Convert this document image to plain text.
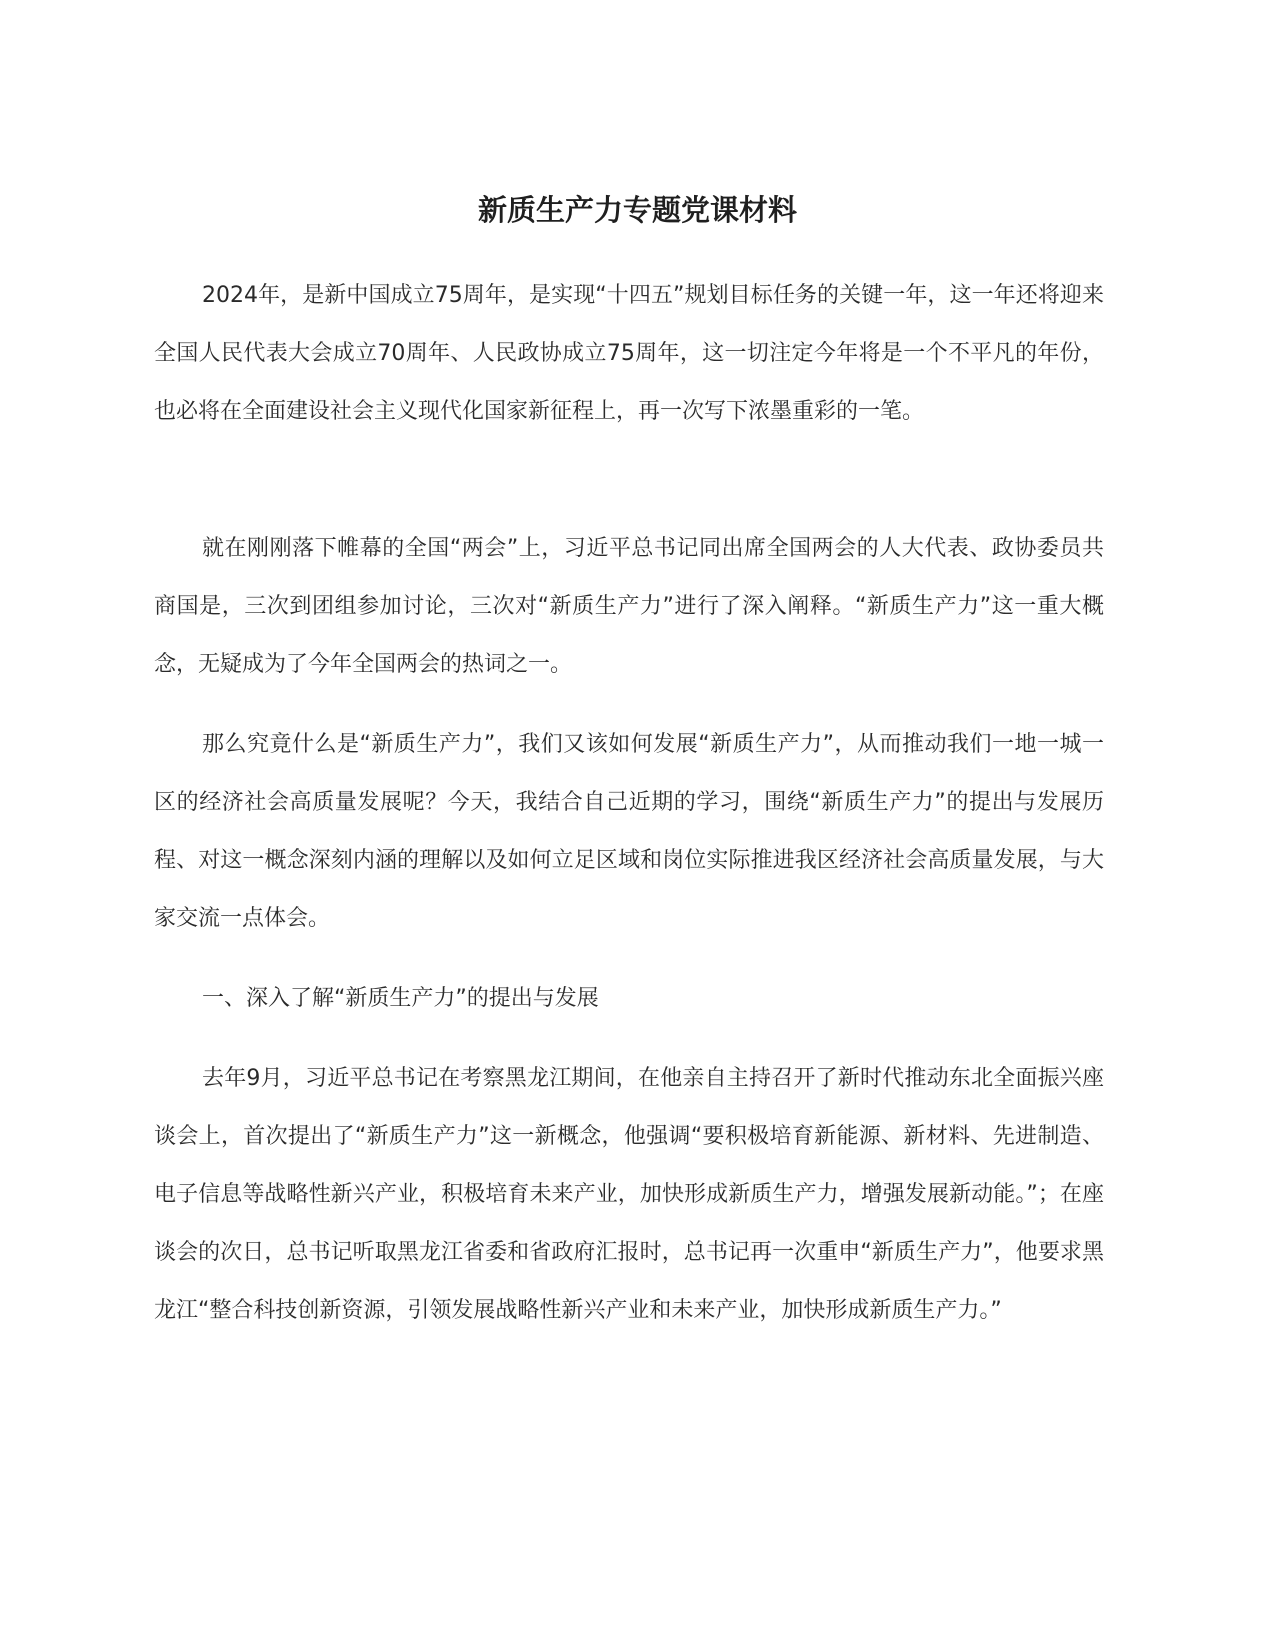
新质生产力专题党课材料

2024年，是新中国成立75周年，是实现“十四五”规划目标任务的关键一年，这一年还将迎来全国人民代表大会成立70周年、人民政协成立75周年，这一切注定今年将是一个不平凡的年份，也必将在全面建设社会主义现代化国家新征程上，再一次写下浓墨重彩的一笔。

就在刚刚落下帷幕的全国“两会”上，习近平总书记同出席全国两会的人大代表、政协委员共商国是，三次到团组参加讨论，三次对“新质生产力”进行了深入阐释。“新质生产力”这一重大概念，无疑成为了今年全国两会的热词之一。

那么究竟什么是“新质生产力”，我们又该如何发展“新质生产力”，从而推动我们一地一城一区的经济社会高质量发展呢？今天，我结合自己近期的学习，围绕“新质生产力”的提出与发展历程、对这一概念深刻内涵的理解以及如何立足区域和岗位实际推进我区经济社会高质量发展，与大家交流一点体会。

一、深入了解“新质生产力”的提出与发展

去年9月，习近平总书记在考察黑龙江期间，在他亲自主持召开了新时代推动东北全面振兴座谈会上，首次提出了“新质生产力”这一新概念，他强调“要积极培育新能源、新材料、先进制造、电子信息等战略性新兴产业，积极培育未来产业，加快形成新质生产力，增强发展新动能。”；在座谈会的次日，总书记听取黑龙江省委和省政府汇报时，总书记再一次重申“新质生产力”，他要求黑龙江“整合科技创新资源，引领发展战略性新兴产业和未来产业，加快形成新质生产力。”
